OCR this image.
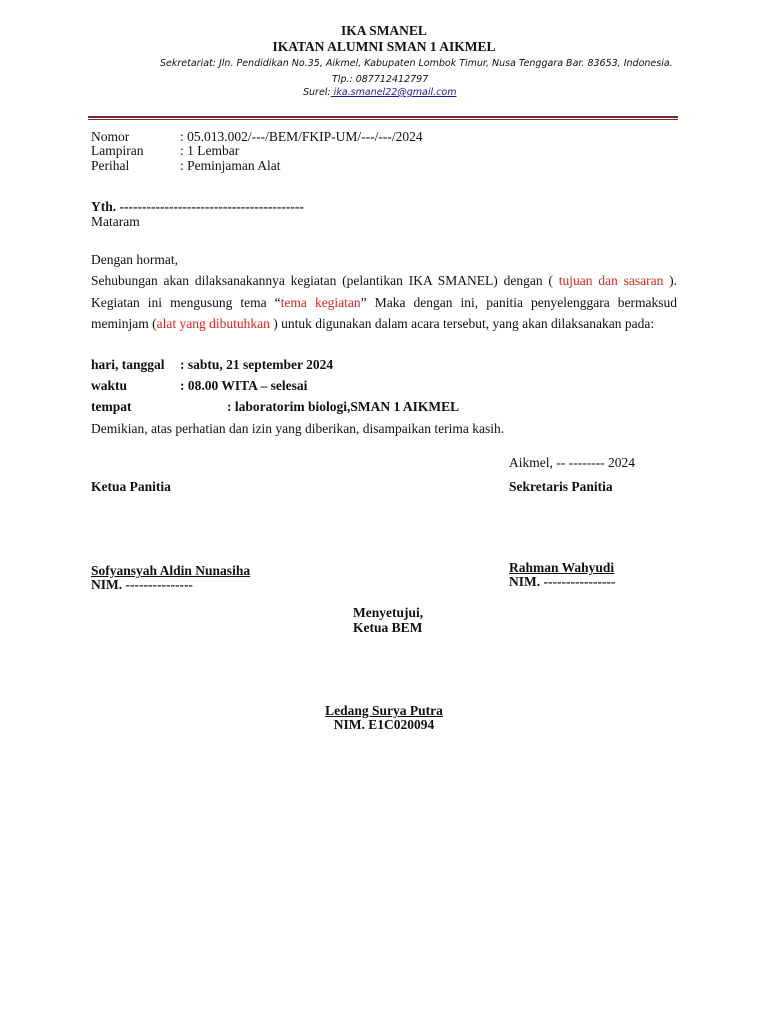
IKA SMANEL
IKATAN ALUMNI SMAN 1 AIKMEL
Sekretariat: Jln. Pendidikan No.35, Aikmel, Kabupaten Lombok Timur, Nusa Tenggara Bar. 83653, Indonesia.
Tlp.: 087712412797
Surel: ika.smanel22@gmail.com
Nomor	: 05.013.002/---/BEM/FKIP-UM/---/---/2024
Lampiran	: 1 Lembar
Perihal	: Peminjaman Alat
Yth. -----------------------------------------
Mataram
Dengan hormat,
Sehubungan akan dilaksanakannya kegiatan (pelantikan IKA SMANEL) dengan ( tujuan dan sasaran ). Kegiatan ini mengusung tema “tema kegiatan” Maka dengan ini, panitia penyelenggara bermaksud meminjam (alat yang dibutuhkan ) untuk digunakan dalam acara tersebut, yang akan dilaksanakan pada:
hari, tanggal : sabtu, 21 september 2024
waktu	: 08.00 WITA – selesai
tempat	: laboratorim biologi,SMAN 1 AIKMEL
Demikian, atas perhatian dan izin yang diberikan, disampaikan terima kasih.
Aikmel, -- -------- 2024
Ketua Panitia	Sekretaris Panitia
Sofyansyah Aldin Nunasiha
NIM. ---------------
Rahman Wahyudi
NIM. ----------------
Menyetujui,
Ketua BEM
Ledang Surya Putra
NIM. E1C020094
